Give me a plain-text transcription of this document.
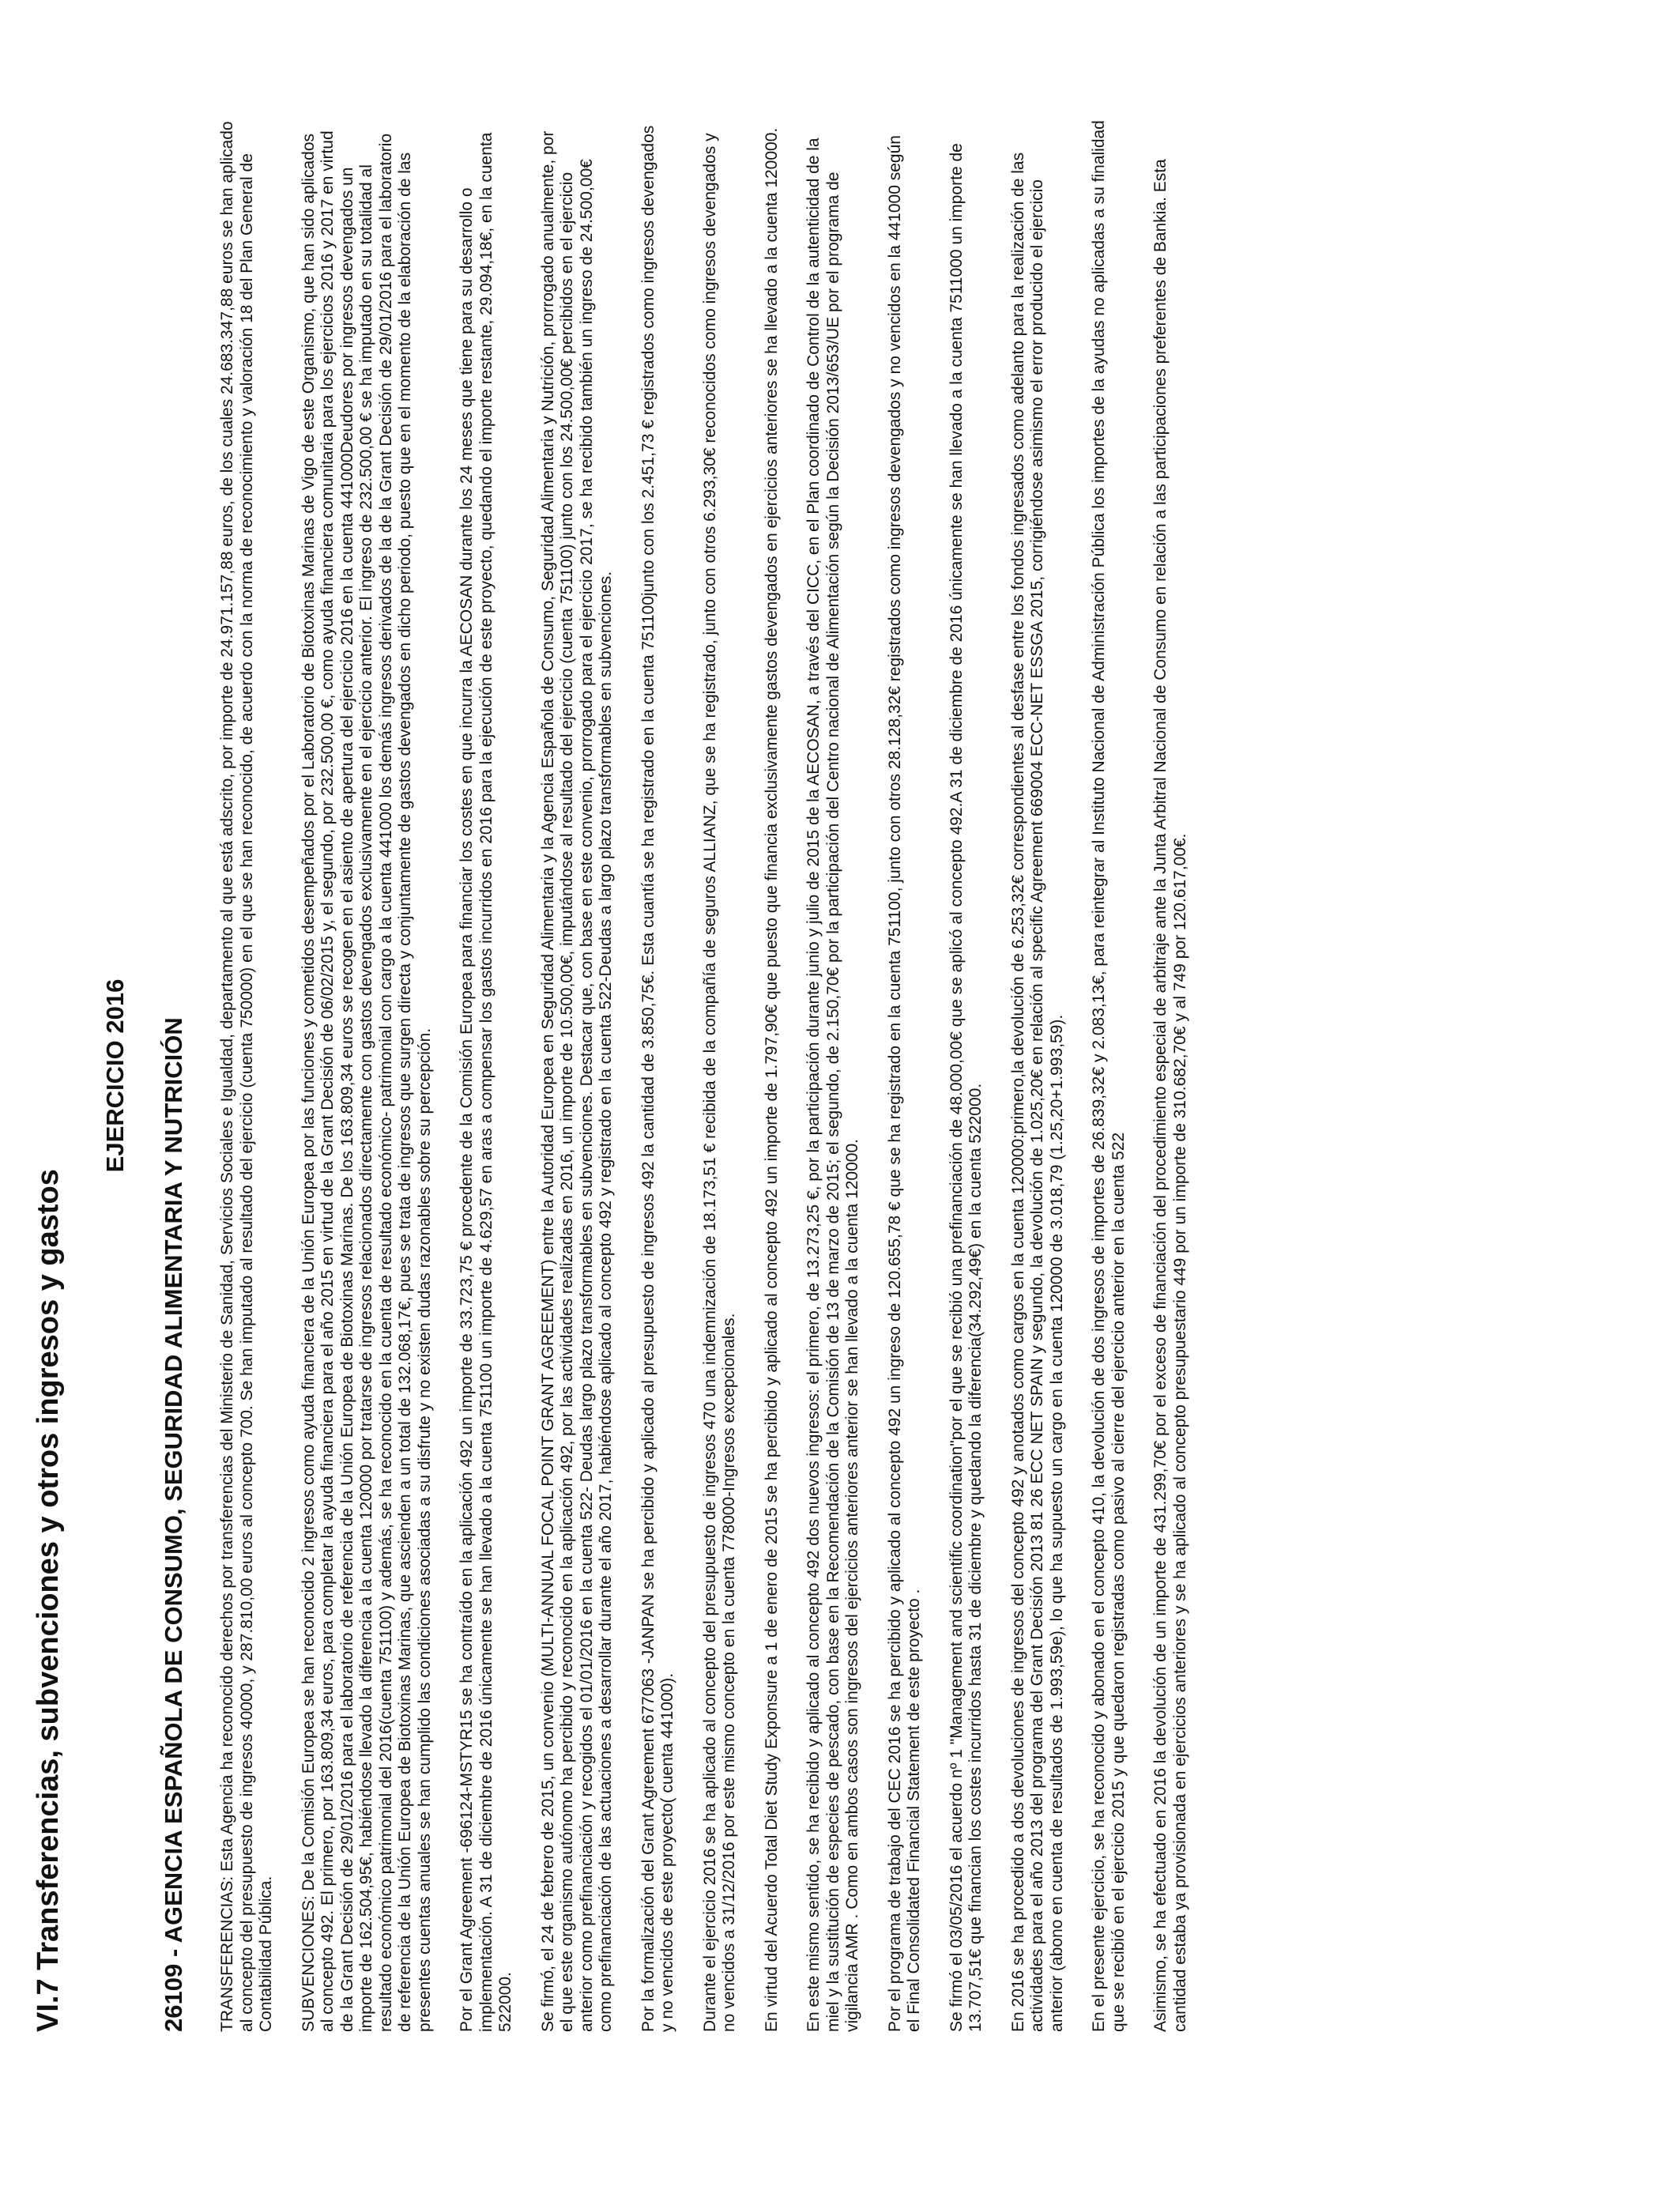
VI.7 Transferencias, subvenciones y otros ingresos y gastos
EJERCICIO 2016 26109 - AGENCIA ESPAÑOLA DE CONSUMO, SEGURIDAD ALIMENTARIA Y NUTRICIÓN TRANSFERENCIAS: Esta Agencia ha reconocido derechos por transferencias del Ministerio de Sanidad, Servicios Sociales e Igualdad, departamento al que está adscrito, por importe de 24.971.157,88 euros, de los cuales 24.683.347,88 euros se han aplicado al concepto del presupuesto de ingresos 40000, y 287.810,00 euros al concepto 700. Se han imputado al resultado del ejercicio (cuenta 750000) en el que se han reconocido, de acuerdo con la norma de reconocimiento y valoración 18 del Plan General de Contabilidad Pública. SUBVENCIONES: De la Comisión Europea se han reconocido 2 ingresos como ayuda financiera de la Unión Europea por las funciones y cometidos desempeñados por el Laboratorio de Biotoxinas Marinas de Vigo de este Organismo, que han sido aplicados al concepto 492. El primero, por 163.809,34 euros, para completar la ayuda financiera para el año 2015 en virtud de la Grant Decisión de 06/02/2015 y, el segundo, por 232.500,00 €, como ayuda financiera comunitaria para los ejercicios 2016 y 2017 en virtud de la Grant Decisión de 29/01/2016 para el laboratorio de referencia de la Unión Europea de Biotoxinas Marinas. De los 163.809,34 euros se recogen en el asiento de apertura del ejercicio 2016 en la cuenta 441000Deudores por ingresos devengados un importe de 162.504,95€, habiéndose llevado la diferencia a la cuenta 120000 por tratarse de ingresos relacionados directamente con gastos devengados exclusivamente en el ejercicio anterior. El ingreso de 232.500,00 € se ha imputado en su totalidad al resultado económico patrimonial del 2016(cuenta 751100) y además, se ha reconocido en la cuenta de resultado económico- patrimonial con cargo a la cuenta 441000 los demás ingresos derivados de la de la Grant Decisión de 29/01/2016 para el laboratorio de referencia de la Unión Europea de Biotoxinas Marinas, que ascienden a un total de 132.068,17€, pues se trata de ingresos que surgen directa y conjuntamente de gastos devengados en dicho periodo, puesto que en el momento de la elaboración de las presentes cuentas anuales se han cumplido las condiciones asociadas a su disfrute y no existen dudas razonables sobre su percepción. Por el Grant Agreement -696124-MSTYR15 se ha contraído en la aplicación 492 un importe de 33.723,75 € procedente de la Comisión Europea para financiar los costes en que incurra la AECOSAN durante los 24 meses que tiene para su desarrollo o implementación. A 31 de diciembre de 2016 únicamente se han llevado a la cuenta 751100 un importe de 4.629,57 en aras a compensar los gastos incurridos en 2016 para la ejecución de este proyecto, quedando el importe restante, 29.094,18€, en la cuenta 522000. Se firmó, el 24 de febrero de 2015, un convenio (MULTI-ANNUAL FOCAL POINT GRANT AGREEMENT) entre la Autoridad Europea en Seguridad Alimentaria y la Agencia Española de Consumo, Seguridad Alimentaria y Nutrición, prorrogado anualmente, por el que este organismo autónomo ha percibido y reconocido en la aplicación 492, por las actividades realizadas en 2016, un importe de 10.500,00€, imputándose al resultado del ejercicio (cuenta 751100) junto con los 24.500,00€ percibidos en el ejercicio anterior como prefinanciación y recogidos el 01/01/2016 en la cuenta 522- Deudas largo plazo transformables en subvenciones. Destacar que, con base en este convenio, prorrogado para el ejercicio 2017, se ha recibido también un ingreso de 24.500,00€ como prefinanciación de las actuaciones a desarrollar durante el año 2017, habiéndose aplicado al concepto 492 y registrado en la cuenta 522-Deudas a largo plazo transformables en subvenciones. Por la formalización del Grant Agreement 677063 -JANPAN se ha percibido y aplicado al presupuesto de ingresos 492 la cantidad de 3.850,75€. Esta cuantía se ha registrado en la cuenta 751100junto con los 2.451,73 € registrados como ingresos devengados y no vencidos de este proyecto( cuenta 441000). Durante el ejercicio 2016 se ha aplicado al concepto del presupuesto de ingresos 470 una indemnización de 18.173,51 € recibida de la compañía de seguros ALLIANZ, que se ha registrado, junto con otros 6.293,30€ reconocidos como ingresos devengados y no vencidos a 31/12/2016 por este mismo concepto en la cuenta 778000-Ingresos excepcionales. En virtud del Acuerdo Total Diet Study Exponsure a 1 de enero de 2015 se ha percibido y aplicado al concepto 492 un importe de 1.797,90€ que puesto que financia exclusivamente gastos devengados en ejercicios anteriores se ha llevado a la cuenta 120000. En este mismo sentido, se ha recibido y aplicado al concepto 492 dos nuevos ingresos: el primero, de 13.273,25 €, por la participación durante junio y julio de 2015 de la AECOSAN, a través del CICC, en el Plan coordinado de Control de la autenticidad de la miel y la sustitución de especies de pescado, con base en la Recomendación de la Comisión de 13 de marzo de 2015; el segundo, de 2.150,70€ por la participación del Centro nacional de Alimentación según la Decisión 2013/653/UE por el programa de vigilancia AMR . Como en ambos casos son ingresos del ejercicios anteriores anterior se han llevado a la cuenta 120000. Por el programa de trabajo del CEC 2016 se ha percibido y aplicado al concepto 492 un ingreso de 120.655,78 € que se ha registrado en la cuenta 751100, junto con otros 28.128,32€ registrados como ingresos devengados y no vencidos en la 441000 según el Final Consolidated Financial Statement de este proyecto . Se firmó el 03/05/2016 el acuerdo nº 1 "Management and scientific coordination"por el que se recibió una prefinanciación de 48.000,00€ que se aplicó al concepto 492.A 31 de diciembre de 2016 únicamente se han llevado a la cuenta 7511000 un importe de 13.707,51€ que financian los costes incurridos hasta 31 de diciembre y quedando la diferencia(34.292,49€) en la cuenta 522000. En 2016 se ha procedido a dos devoluciones de ingresos del concepto 492 y anotados como cargos en la cuenta 120000:primero,la devolución de 6.253,32€ correspondientes al desfase entre los fondos ingresados como adelanto para la realización de las actividades para el año 2013 del programa del Grant Decisión 2013 81 26 ECC NET SPAIN y segundo, la devolución de 1.025,20€ en relación al specific Agreement 669004 ECC-NET ESSGA 2015, corrigiéndose asimismo el error producido el ejercicio anterior (abono en cuenta de resultados de 1.993,59e), lo que ha supuesto un cargo en la cuenta 120000 de 3.018,79 (1.25,20+1.993,59). En el presente ejercicio, se ha reconocido y abonado en el concepto 410, la devolución de dos ingresos de importes de 26.839,32€ y 2.083,13€, para reintegrar al Instituto Nacional de Administración Pública los importes de la ayudas no aplicadas a su finalidad que se recibió en el ejercicio 2015 y que quedaron registradas como pasivo al cierre del ejercicio anterior en la cuenta 522 Asimismo, se ha efectuado en 2016 la devolución de un importe de 431.299,70€ por el exceso de financiación del procedimiento especial de arbitraje ante la Junta Arbitral Nacional de Consumo en relación a las participaciones preferentes de Bankia. Esta cantidad estaba ya provisionada en ejercicios anteriores y se ha aplicado al concepto presupuestario 449 por un importe de 310.682,70€ y al 749 por 120.617,00€.
